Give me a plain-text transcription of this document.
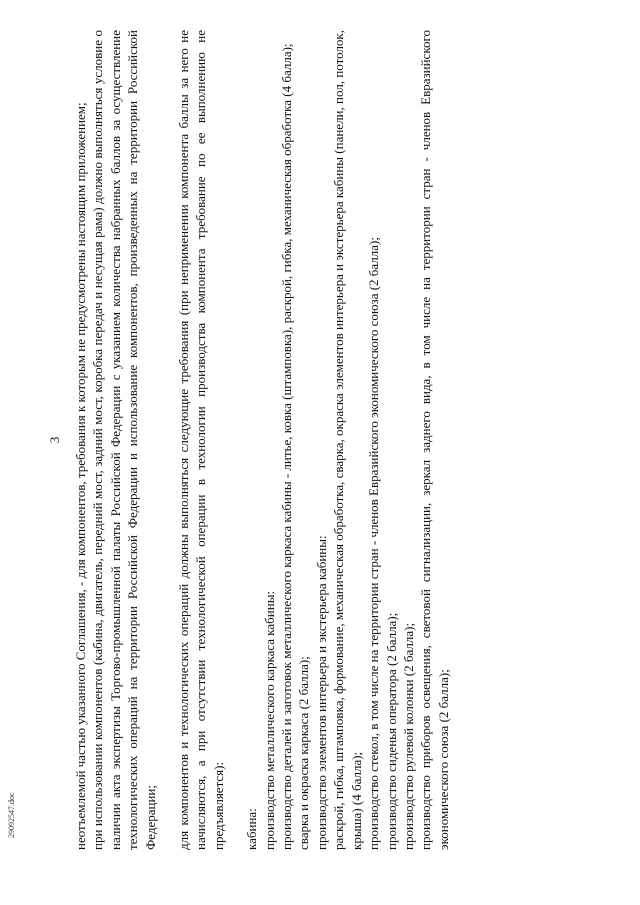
3 неотъемлемой частью указанного Соглашения, - для компонентов, требования к которым не предусмотрены настоящим приложением; при использовании компонентов (кабина, двигатель, передний мост, задний мост, коробка передач и несущая рама) должно выполняться условие о наличии акта экспертизы Торгово-промышленной палаты Российской Федерации с указанием количества набранных баллов за осуществление технологических операций на территории Российской Федерации и использование компонентов, произведенных на территории Российской Федерации; для компонентов и технологических операций должны выполняться следующие требования (при неприменении компонента баллы за него не начисляются, а при отсутствии технологической операции в технологии производства компонента требование по ее выполнению не предъявляется): кабина: производство металлического каркаса кабины: производство деталей и заготовок металлического каркаса кабины - литье, ковка (штамповка), раскрой, гибка, механическая обработка (4 балла); сварка и окраска каркаса (2 балла); производство элементов интерьера и экстерьера кабины: раскрой, гибка, штамповка, формование, механическая обработка, сварка, окраска элементов интерьера и экстерьера кабины (панели, пол, потолок, крыша) (4 балла); производство стекол, в том числе на территории стран - членов Евразийского экономического союза (2 балла); производство сиденья оператора (2 балла); производство рулевой колонки (2 балла); производство приборов освещения, световой сигнализации, зеркал заднего вида, в том числе на территории стран - членов Евразийского экономического союза (2 балла);

29092547.doc
